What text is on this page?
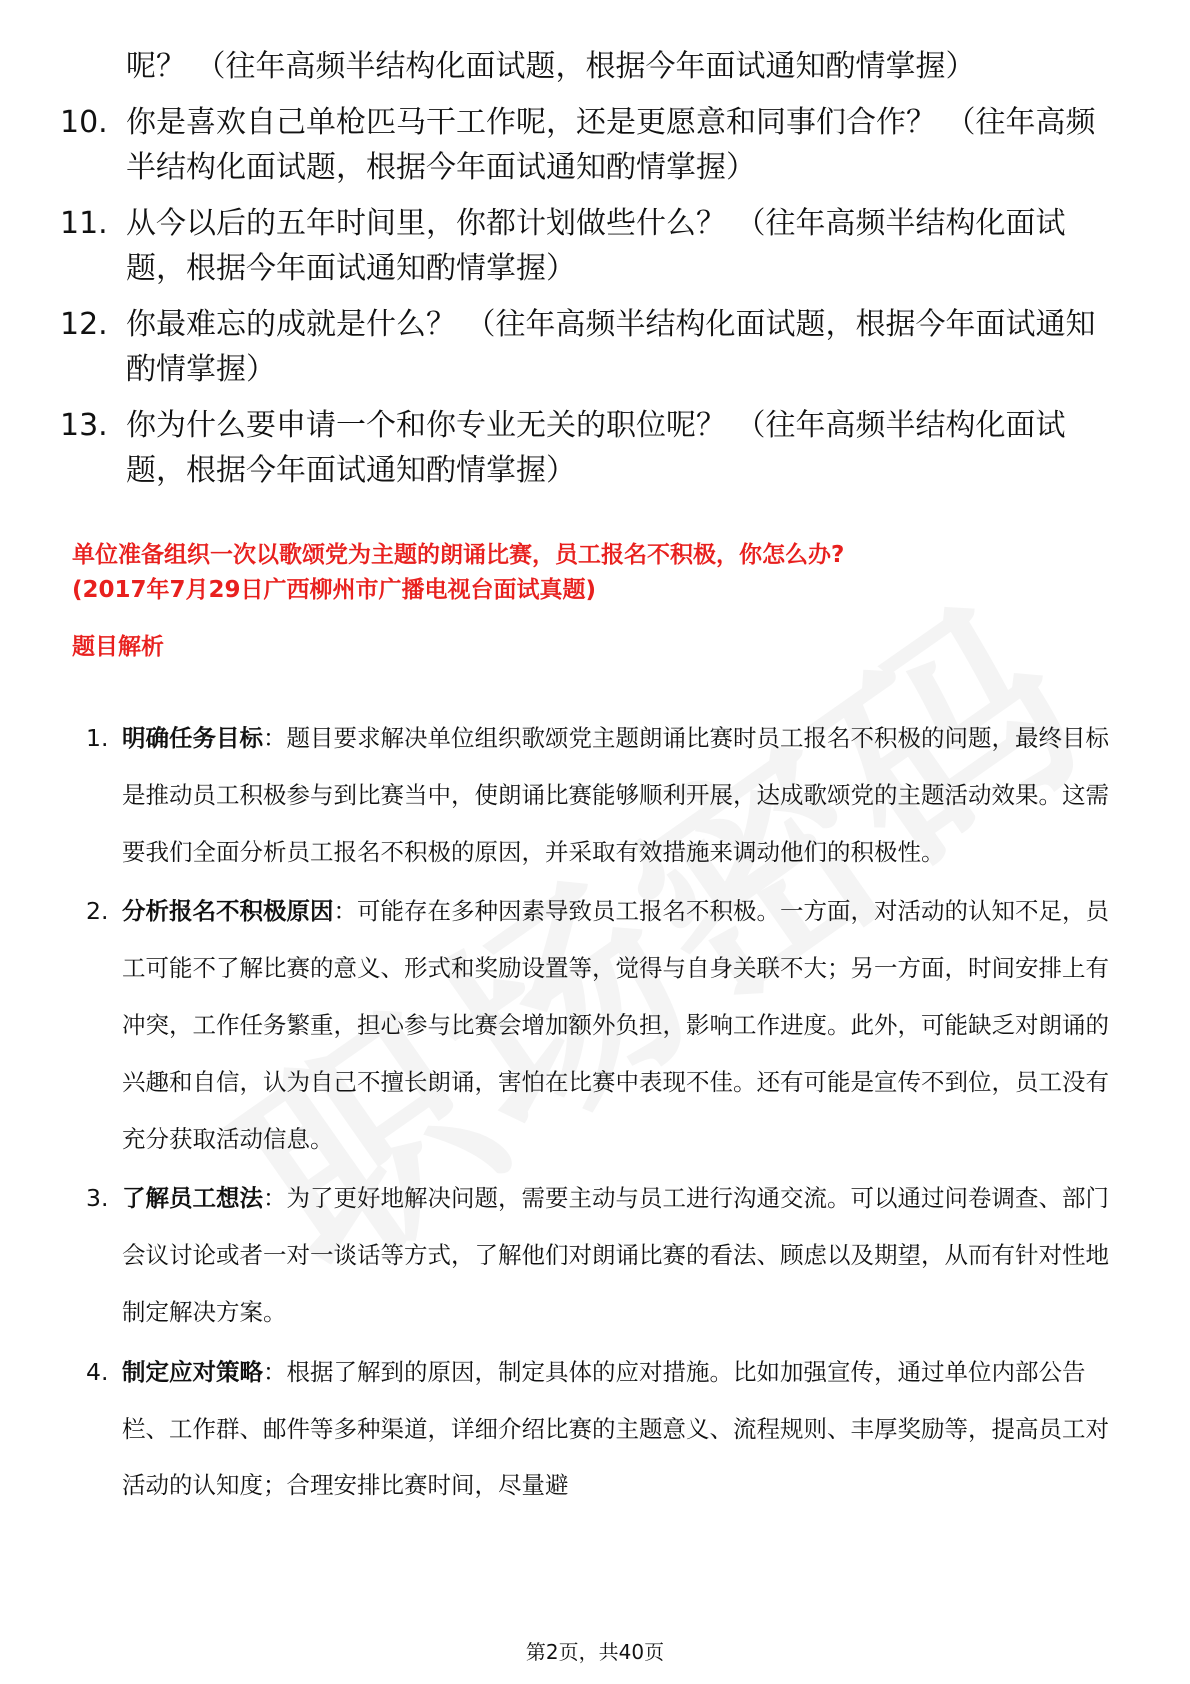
呢？ （往年高频半结构化面试题，根据今年面试通知酌情掌握）
10. 你是喜欢自己单枪匹马干工作呢，还是更愿意和同事们合作？ （往年高频半结构化面试题，根据今年面试通知酌情掌握）
11. 从今以后的五年时间里，你都计划做些什么？ （往年高频半结构化面试题，根据今年面试通知酌情掌握）
12. 你最难忘的成就是什么？ （往年高频半结构化面试题，根据今年面试通知酌情掌握）
13. 你为什么要申请一个和你专业无关的职位呢？ （往年高频半结构化面试题，根据今年面试通知酌情掌握）
单位准备组织一次以歌颂党为主题的朗诵比赛，员工报名不积极，你怎么办?
(2017年7月29日广西柳州市广播电视台面试真题)
题目解析
1. 明确任务目标：题目要求解决单位组织歌颂党主题朗诵比赛时员工报名不积极的问题，最终目标是推动员工积极参与到比赛当中，使朗诵比赛能够顺利开展，达成歌颂党的主题活动效果。这需要我们全面分析员工报名不积极的原因，并采取有效措施来调动他们的积极性。
2. 分析报名不积极原因：可能存在多种因素导致员工报名不积极。一方面，对活动的认知不足，员工可能不了解比赛的意义、形式和奖励设置等，觉得与自身关联不大；另一方面，时间安排上有冲突，工作任务繁重，担心参与比赛会增加额外负担，影响工作进度。此外，可能缺乏对朗诵的兴趣和自信，认为自己不擅长朗诵，害怕在比赛中表现不佳。还有可能是宣传不到位，员工没有充分获取活动信息。
3. 了解员工想法：为了更好地解决问题，需要主动与员工进行沟通交流。可以通过问卷调查、部门会议讨论或者一对一谈话等方式，了解他们对朗诵比赛的看法、顾虑以及期望，从而有针对性地制定解决方案。
4. 制定应对策略：根据了解到的原因，制定具体的应对措施。比如加强宣传，通过单位内部公告栏、工作群、邮件等多种渠道，详细介绍比赛的主题意义、流程规则、丰厚奖励等，提高员工对活动的认知度；合理安排比赛时间，尽量避
第2页，共40页
